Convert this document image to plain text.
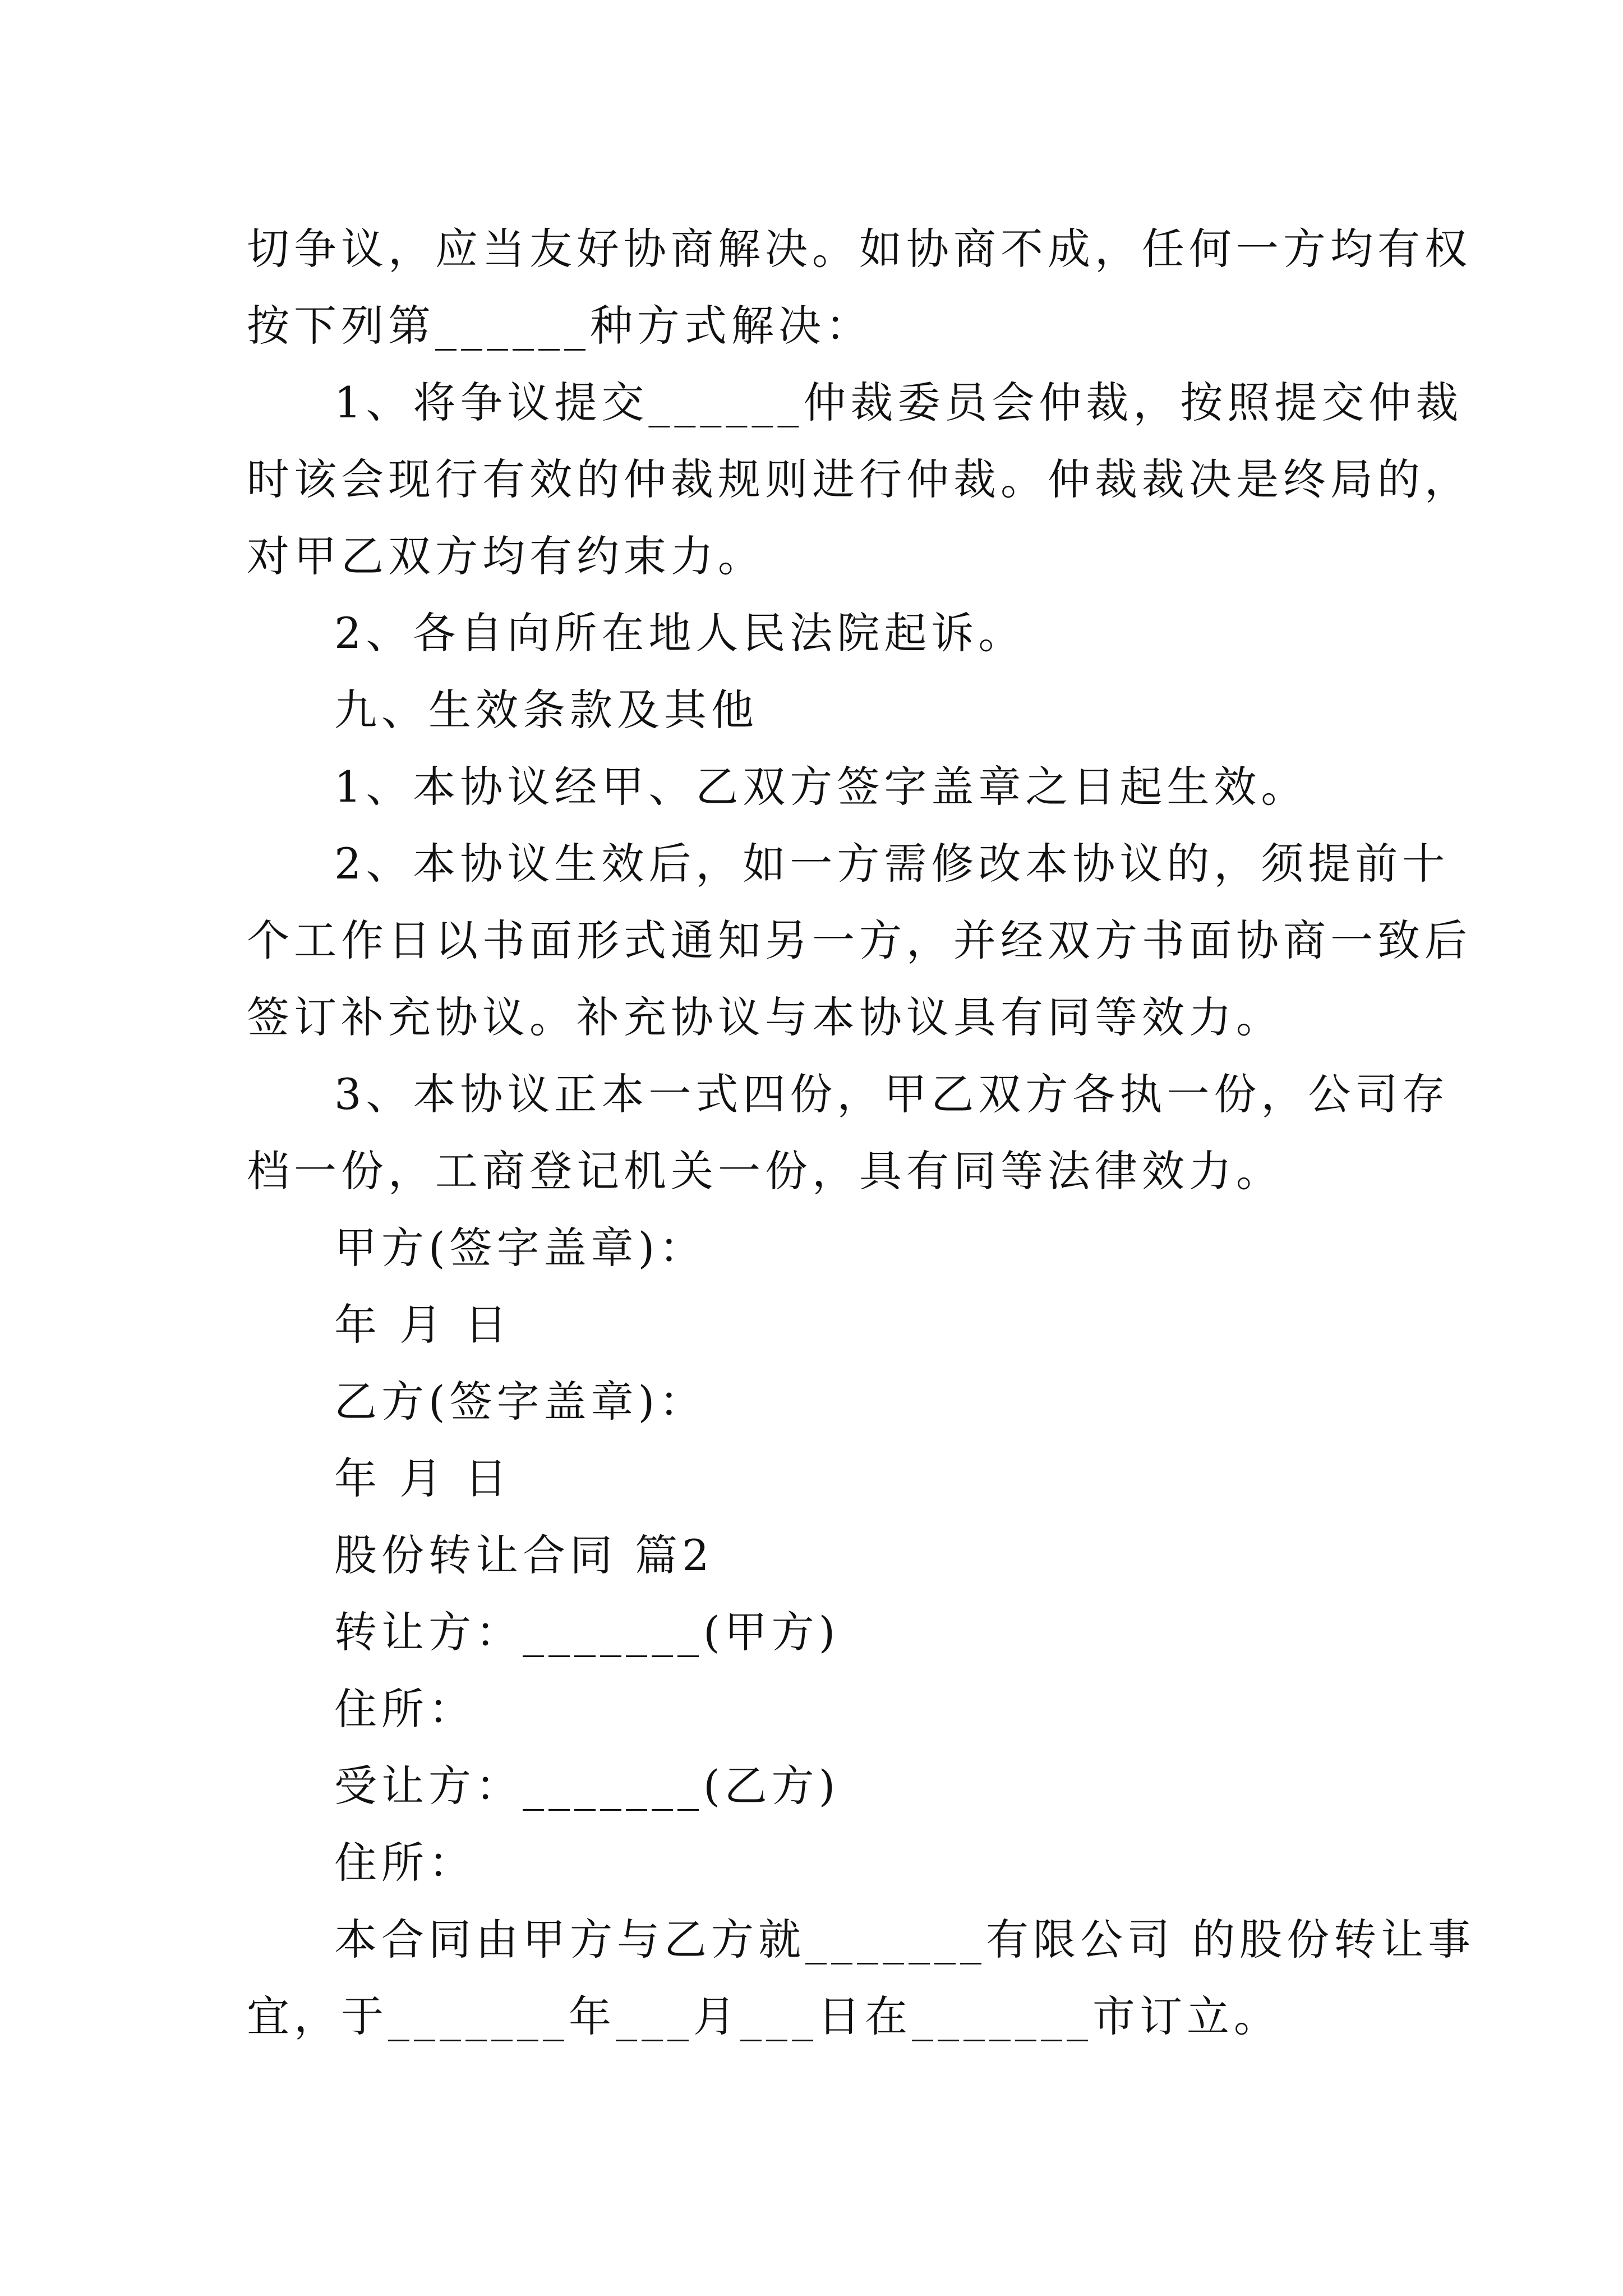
切争议，应当友好协商解决。如协商不成，任何一方均有权

按下列第______种方式解决：

1、将争议提交______仲裁委员会仲裁，按照提交仲裁

时该会现行有效的仲裁规则进行仲裁。仲裁裁决是终局的，

对甲乙双方均有约束力。

2、各自向所在地人民法院起诉。

九、生效条款及其他

1、本协议经甲、乙双方签字盖章之日起生效。

2、本协议生效后，如一方需修改本协议的，须提前十

个工作日以书面形式通知另一方，并经双方书面协商一致后

签订补充协议。补充协议与本协议具有同等效力。

3、本协议正本一式四份，甲乙双方各执一份，公司存

档一份，工商登记机关一份，具有同等法律效力。

甲方(签字盖章)：

年 月 日

乙方(签字盖章)：

年 月 日

股份转让合同 篇2

转让方：_______(甲方)

住所：

受让方：_______(乙方)

住所：

本合同由甲方与乙方就_______有限公司 的股份转让事

宜，于_______年___月___日在_______市订立。
